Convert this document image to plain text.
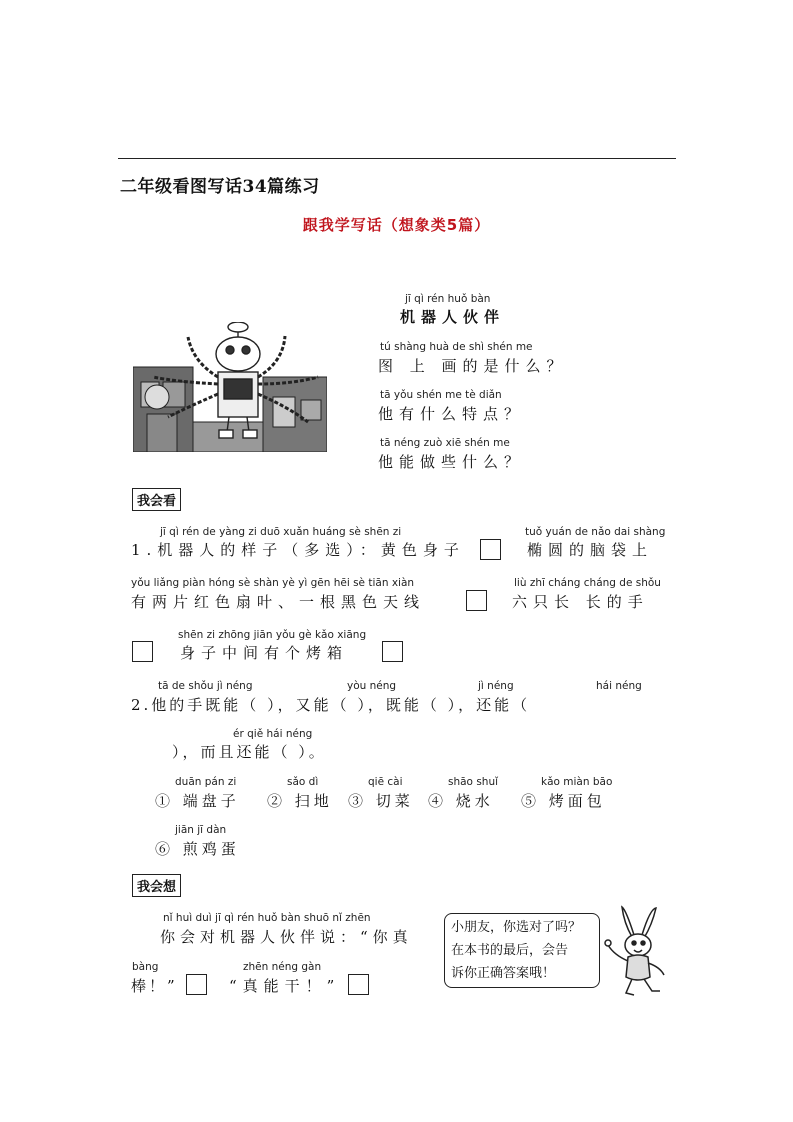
二年级看图写话34篇练习
跟我学写话（想象类5篇）
jī qì rén huǒ bàn
机器人伙伴
tú shàng huà de shì shén me
图 上 画的是什么？
tā yǒu shén me tè diǎn
他有什么特点？
tā néng zuò xiē shén me
他能做些什么？
我会看
jī qì rén de yàng zi duō xuǎn huáng sè shēn zi
1.机器人的样子（多选）：黄色身子
tuǒ yuán de nǎo dai shàng
椭圆的脑袋上
yǒu liǎng piàn hóng sè shàn yè yì gēn hēi sè tiān xiàn
有两片红色扇叶、一根黑色天线
liù zhī cháng cháng de shǒu
六只长 长的手
shēn zi zhōng jiān yǒu gè kǎo xiāng
身子中间有个烤箱
tā de shǒu jì néng	yòu néng	jì néng	hái néng
2.他的手既能（ ），又能（ ），既能（ ），还能（
ér qiě hái néng
），而且还能（ ）。
duān pán zi
① 端盘子
sǎo dì
② 扫地
qiē cài
③ 切菜
shāo shuǐ
④ 烧水
kǎo miàn bāo
⑤ 烤面包
jiān jī dàn
⑥ 煎鸡蛋
我会想
nǐ huì duì jī qì rén huǒ bàn shuō nǐ zhēn
你会对机器人伙伴说：“你真
bàng	zhēn néng gàn
棒！”	“真能干！”
小朋友，你选对了吗？
在本书的最后，会告
诉你正确答案哦！
